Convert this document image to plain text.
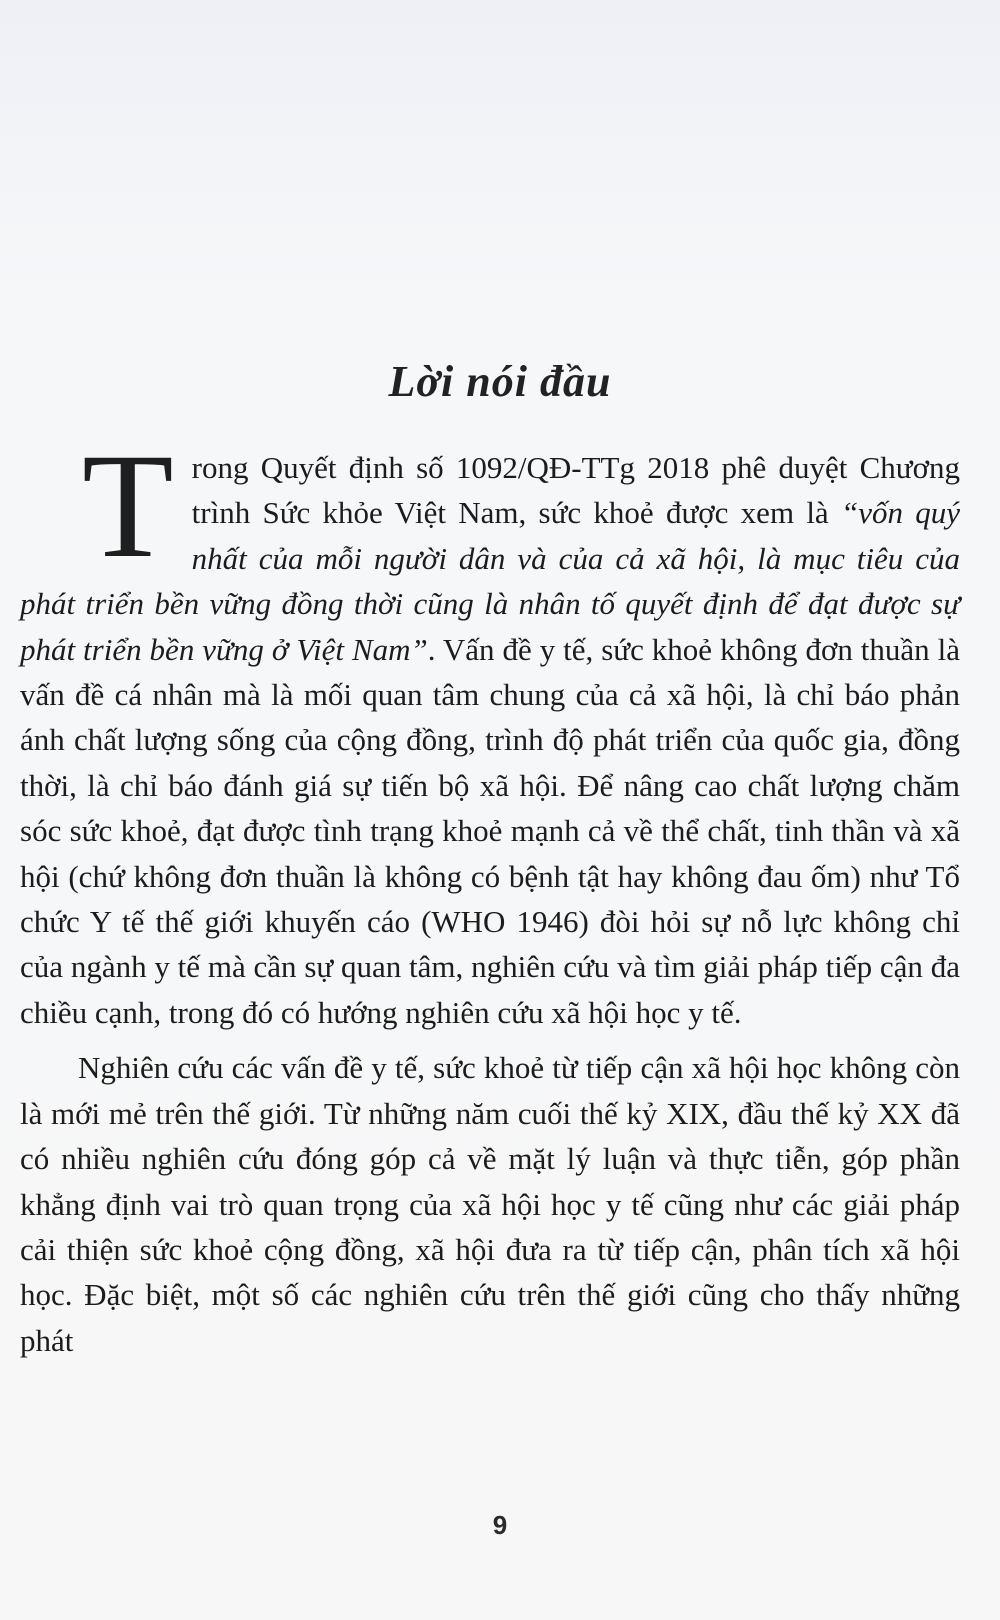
Lời nói đầu

Trong Quyết định số 1092/QĐ-TTg 2018 phê duyệt Chương trình Sức khỏe Việt Nam, sức khoẻ được xem là “vốn quý nhất của mỗi người dân và của cả xã hội, là mục tiêu của phát triển bền vững đồng thời cũng là nhân tố quyết định để đạt được sự phát triển bền vững ở Việt Nam”. Vấn đề y tế, sức khoẻ không đơn thuần là vấn đề cá nhân mà là mối quan tâm chung của cả xã hội, là chỉ báo phản ánh chất lượng sống của cộng đồng, trình độ phát triển của quốc gia, đồng thời, là chỉ báo đánh giá sự tiến bộ xã hội. Để nâng cao chất lượng chăm sóc sức khoẻ, đạt được tình trạng khoẻ mạnh cả về thể chất, tinh thần và xã hội (chứ không đơn thuần là không có bệnh tật hay không đau ốm) như Tổ chức Y tế thế giới khuyến cáo (WHO 1946) đòi hỏi sự nỗ lực không chỉ của ngành y tế mà cần sự quan tâm, nghiên cứu và tìm giải pháp tiếp cận đa chiều cạnh, trong đó có hướng nghiên cứu xã hội học y tế.

Nghiên cứu các vấn đề y tế, sức khoẻ từ tiếp cận xã hội học không còn là mới mẻ trên thế giới. Từ những năm cuối thế kỷ XIX, đầu thế kỷ XX đã có nhiều nghiên cứu đóng góp cả về mặt lý luận và thực tiễn, góp phần khẳng định vai trò quan trọng của xã hội học y tế cũng như các giải pháp cải thiện sức khoẻ cộng đồng, xã hội đưa ra từ tiếp cận, phân tích xã hội học. Đặc biệt, một số các nghiên cứu trên thế giới cũng cho thấy những phát

9
